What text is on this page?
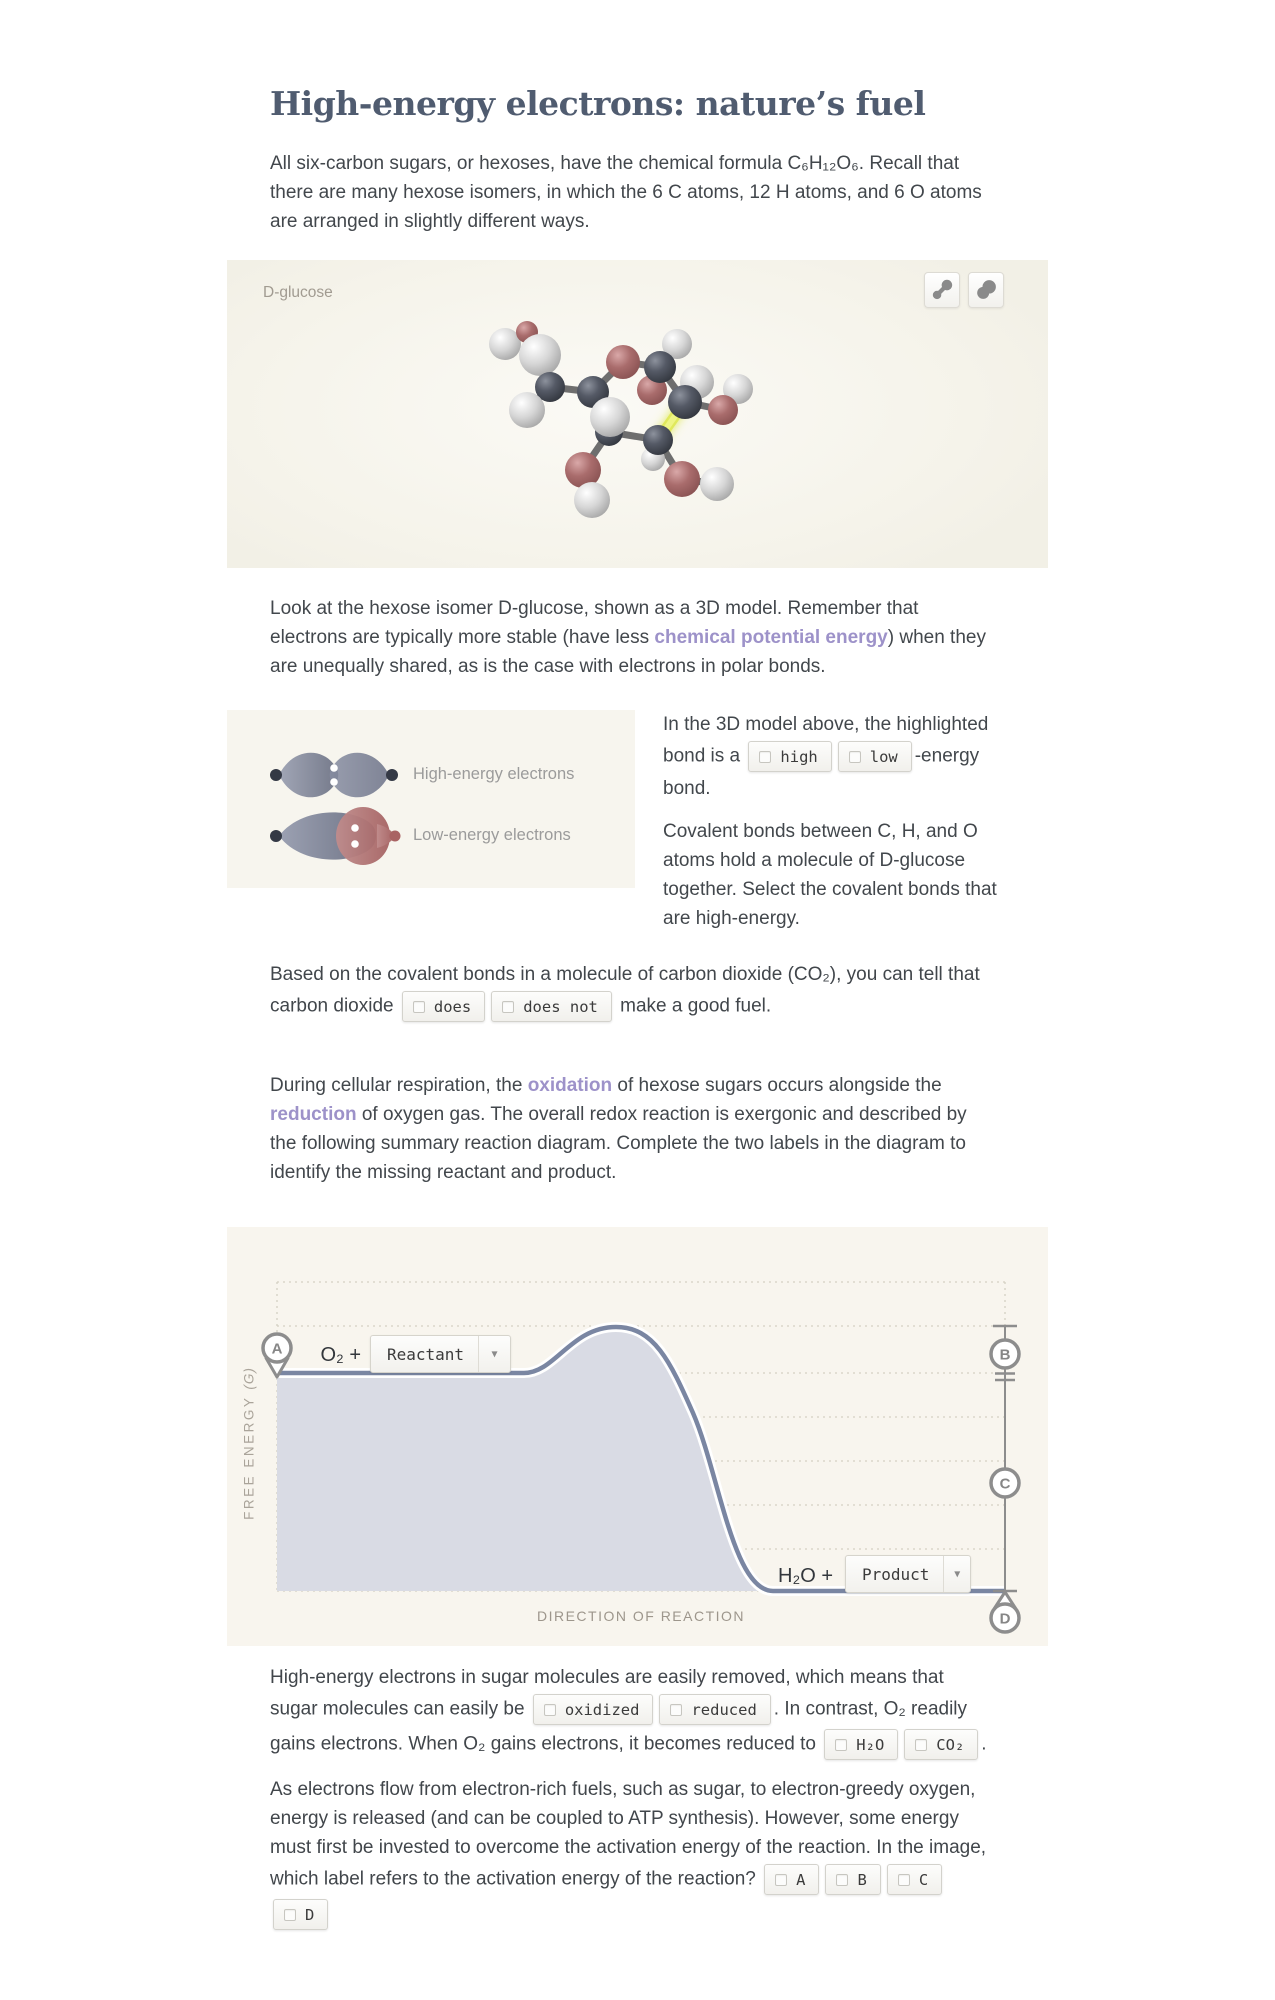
High-energy electrons: nature’s fuel

All six-carbon sugars, or hexoses, have the chemical formula C₆H₁₂O₆. Recall that there are many hexose isomers, in which the 6 C atoms, 12 H atoms, and 6 O atoms are arranged in slightly different ways.

D-glucose

Look at the hexose isomer D-glucose, shown as a 3D model. Remember that electrons are typically more stable (have less chemical potential energy) when they are unequally shared, as is the case with electrons in polar bonds.

High-energy electrons
Low-energy electrons

In the 3D model above, the highlighted bond is a	high	low -energy bond.

Covalent bonds between C, H, and O atoms hold a molecule of D-glucose together. Select the covalent bonds that are high-energy.

Based on the covalent bonds in a molecule of carbon dioxide (CO₂), you can tell that carbon dioxide	does	does not make a good fuel.

During cellular respiration, the oxidation of hexose sugars occurs alongside the reduction of oxygen gas. The overall redox reaction is exergonic and described by the following summary reaction diagram. Complete the two labels in the diagram to identify the missing reactant and product.

A	B
C
D
FREE ENERGY (G)
DIRECTION OF REACTION
O₂ +	Reactant	▼
H₂O +	Product	▼

High-energy electrons in sugar molecules are easily removed, which means that sugar molecules can easily be	oxidized	reduced . In contrast, O₂ readily gains electrons. When O₂ gains electrons, it becomes reduced to	H₂O	CO₂ .

As electrons flow from electron-rich fuels, such as sugar, to electron-greedy oxygen, energy is released (and can be coupled to ATP synthesis). However, some energy must first be invested to overcome the activation energy of the reaction. In the image, which label refers to the activation energy of the reaction?	A	B	C
D
